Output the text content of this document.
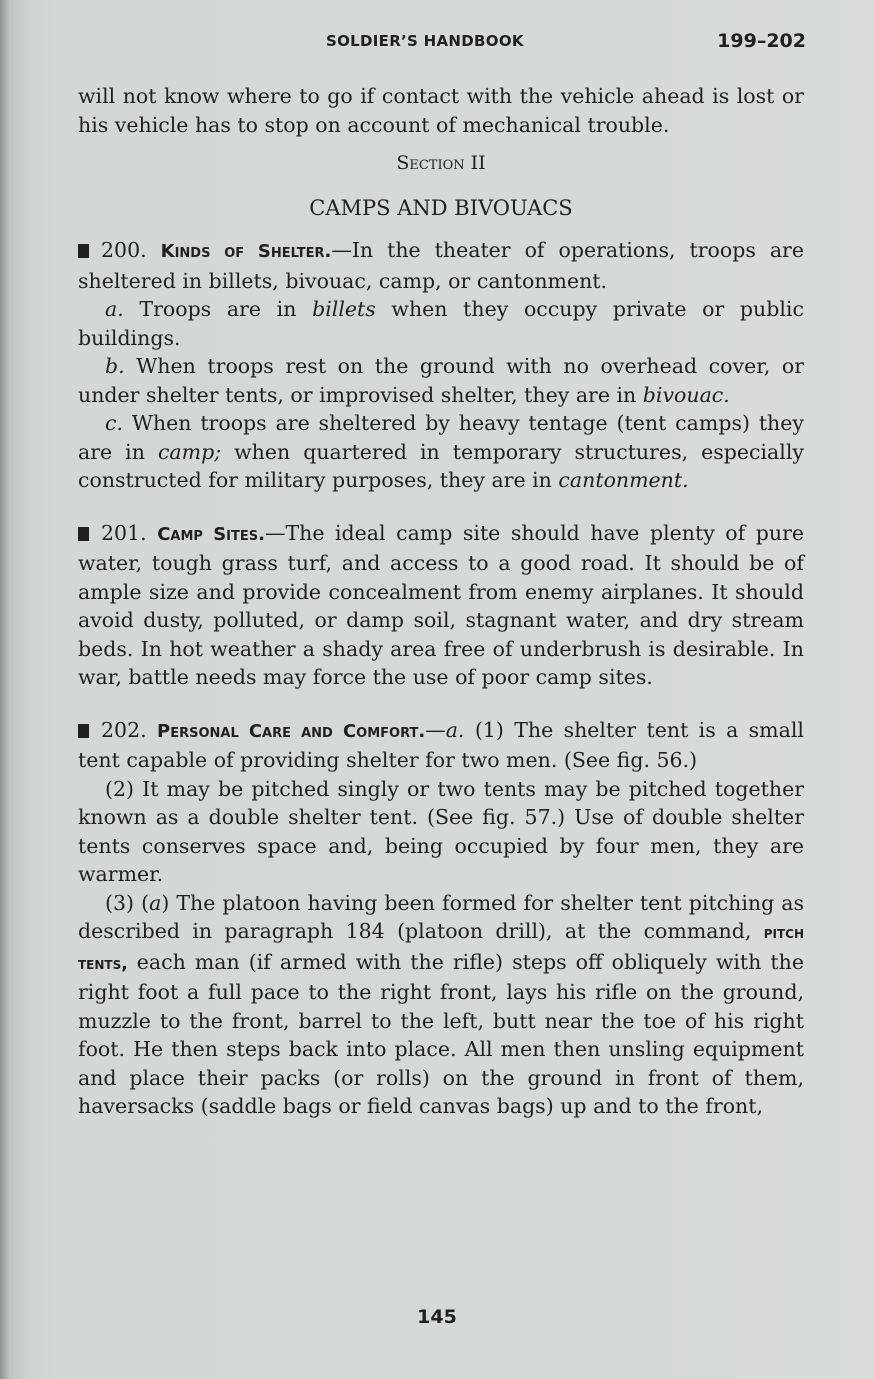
SOLDIER’S HANDBOOK	199–202

will not know where to go if contact with the vehicle ahead is lost or his vehicle has to stop on account of mechanical trouble.

Section II

CAMPS AND BIVOUACS

200. Kinds of Shelter.—In the theater of operations, troops are sheltered in billets, bivouac, camp, or cantonment.

a. Troops are in billets when they occupy private or public buildings.

b. When troops rest on the ground with no overhead cover, or under shelter tents, or improvised shelter, they are in bivouac.

c. When troops are sheltered by heavy tentage (tent camps) they are in camp; when quartered in temporary structures, especially constructed for military purposes, they are in cantonment.

201. Camp Sites.—The ideal camp site should have plenty of pure water, tough grass turf, and access to a good road. It should be of ample size and provide concealment from enemy airplanes. It should avoid dusty, polluted, or damp soil, stagnant water, and dry stream beds. In hot weather a shady area free of underbrush is desirable. In war, battle needs may force the use of poor camp sites.

202. Personal Care and Comfort.—a. (1) The shelter tent is a small tent capable of providing shelter for two men. (See fig. 56.)

(2) It may be pitched singly or two tents may be pitched together known as a double shelter tent. (See fig. 57.) Use of double shelter tents conserves space and, being occupied by four men, they are warmer.

(3) (a) The platoon having been formed for shelter tent pitching as described in paragraph 184 (platoon drill), at the command, pitch tents, each man (if armed with the rifle) steps off obliquely with the right foot a full pace to the right front, lays his rifle on the ground, muzzle to the front, barrel to the left, butt near the toe of his right foot. He then steps back into place. All men then unsling equipment and place their packs (or rolls) on the ground in front of them, haversacks (saddle bags or field canvas bags) up and to the front,

145
